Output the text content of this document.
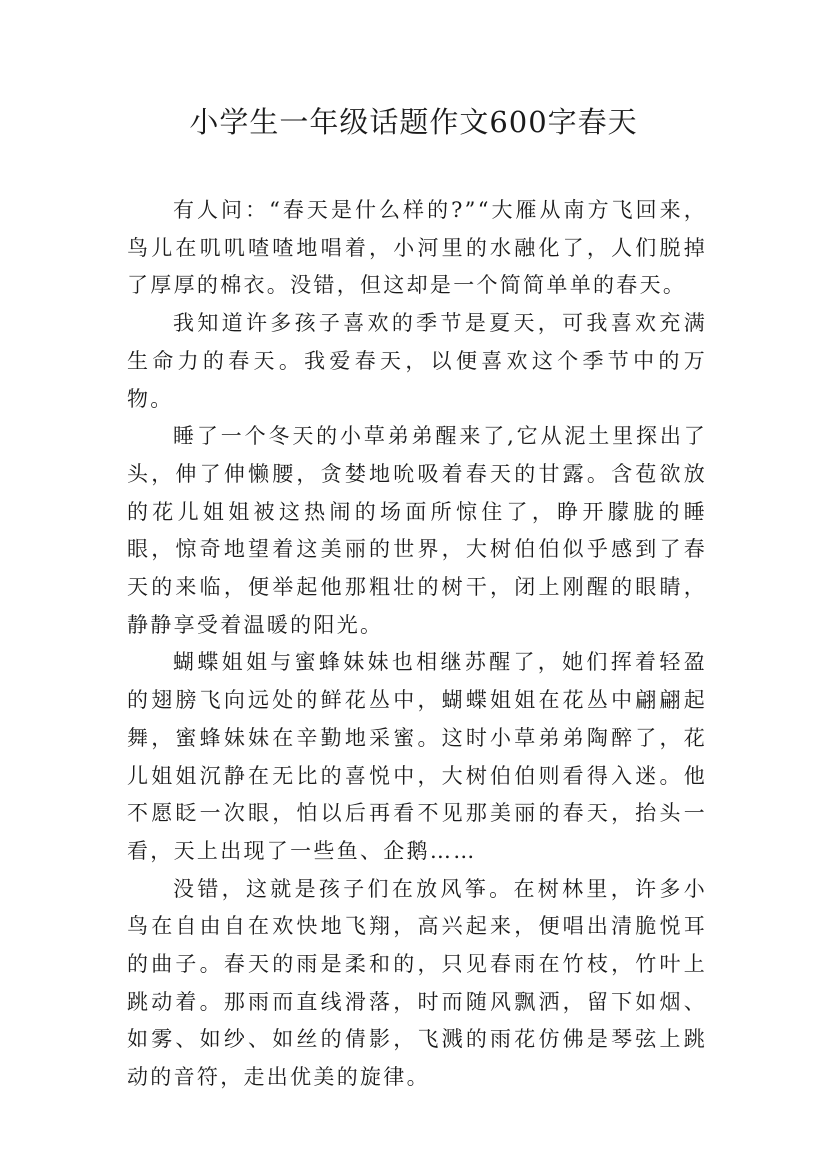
小学生一年级话题作文600字春天

有人问：“春天是什么样的?”“大雁从南方飞回来，鸟儿在叽叽喳喳地唱着，小河里的水融化了，人们脱掉了厚厚的棉衣。没错，但这却是一个简简单单的春天。

我知道许多孩子喜欢的季节是夏天，可我喜欢充满生命力的春天。我爱春天，以便喜欢这个季节中的万物。

睡了一个冬天的小草弟弟醒来了,它从泥土里探出了头，伸了伸懒腰，贪婪地吮吸着春天的甘露。含苞欲放的花儿姐姐被这热闹的场面所惊住了，睁开朦胧的睡眼，惊奇地望着这美丽的世界，大树伯伯似乎感到了春天的来临，便举起他那粗壮的树干，闭上刚醒的眼睛，静静享受着温暖的阳光。

蝴蝶姐姐与蜜蜂妹妹也相继苏醒了，她们挥着轻盈的翅膀飞向远处的鲜花丛中，蝴蝶姐姐在花丛中翩翩起舞，蜜蜂妹妹在辛勤地采蜜。这时小草弟弟陶醉了，花儿姐姐沉静在无比的喜悦中，大树伯伯则看得入迷。他不愿眨一次眼，怕以后再看不见那美丽的春天，抬头一看，天上出现了一些鱼、企鹅……

没错，这就是孩子们在放风筝。在树林里，许多小鸟在自由自在欢快地飞翔，高兴起来，便唱出清脆悦耳的曲子。春天的雨是柔和的，只见春雨在竹枝，竹叶上跳动着。那雨而直线滑落，时而随风飘洒，留下如烟、如雾、如纱、如丝的倩影，飞溅的雨花仿佛是琴弦上跳动的音符，走出优美的旋律。
